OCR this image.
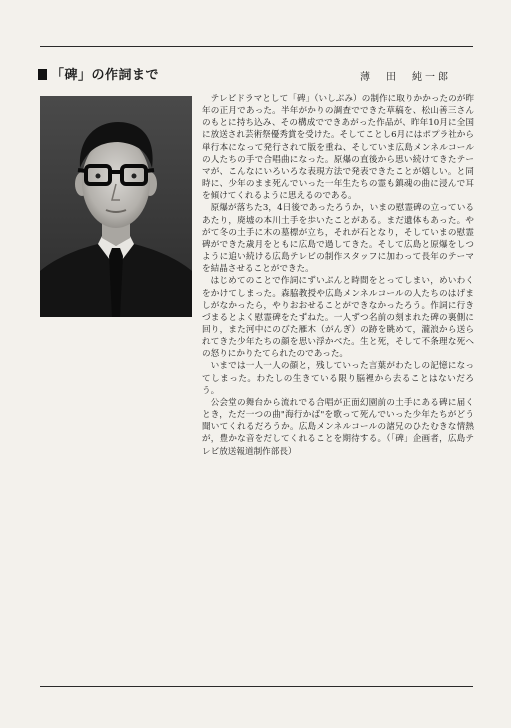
「碑」の作詞まで	薄　田　純一郎

テレビドラマとして「碑」（いしぶみ）の制作に取りかかったのが昨年の正月であった。半年がかりの調査でできた草稿を、松山善三さんのもとに持ち込み、その構成でできあがった作品が、昨年10月に全国に放送され芸術祭優秀賞を受けた。そしてことし6月にはポプラ社から単行本になって発行されて版を重ね、そしていま広島メンネルコールの人たちの手で合唱曲になった。原爆の直後から思い続けてきたテーマが、こんなにいろいろな表現方法で発表できたことが嬉しい。と同時に、少年のまま死んでいった一年生たちの霊も鎮魂の曲に浸んで耳を傾けてくれるように思えるのである。

原爆が落ちた3，4日後であったろうか，いまの慰霊碑の立っているあたり，廃墟の本川土手を歩いたことがある。まだ遺体もあった。やがて冬の土手に木の墓標が立ち，それが石となり，そしていまの慰霊碑ができた歳月をともに広島で過してきた。そして広島と原爆をしつように追い続ける広島テレビの制作スタッフに加わって長年のテーマを結晶させることができた。

はじめてのことで作詞にずいぶんと時間をとってしまい，めいわくをかけてしまった。森脇教授や広島メンネルコールの人たちのはげましがなかったら，やりおおせることができなかったろう。作詞に行きづまるとよく慰霊碑をたずねた。一人ずつ名前の刻まれた碑の裏側に回り，また河中にのびた雁木（がんぎ）の跡を眺めて，瀧浪から送られてきた少年たちの顔を思い浮かべた。生と死，そして不条理な死への怒りにかりたてられたのであった。

いまでは一人一人の顔と，残していった言葉がわたしの記憶になってしまった。わたしの生きている限り脳裡から去ることはないだろう。

公会堂の舞台から流れでる合唱が正面幻園前の土手にある碑に届くとき，ただ一つの曲"海行かば"を歌って死んでいった少年たちがどう聞いてくれるだろうか。広島メンネルコールの諸兄のひたむきな情熱が，豊かな音をだしてくれることを期待する。（「碑」企画者，広島テレビ放送報道制作部長）
